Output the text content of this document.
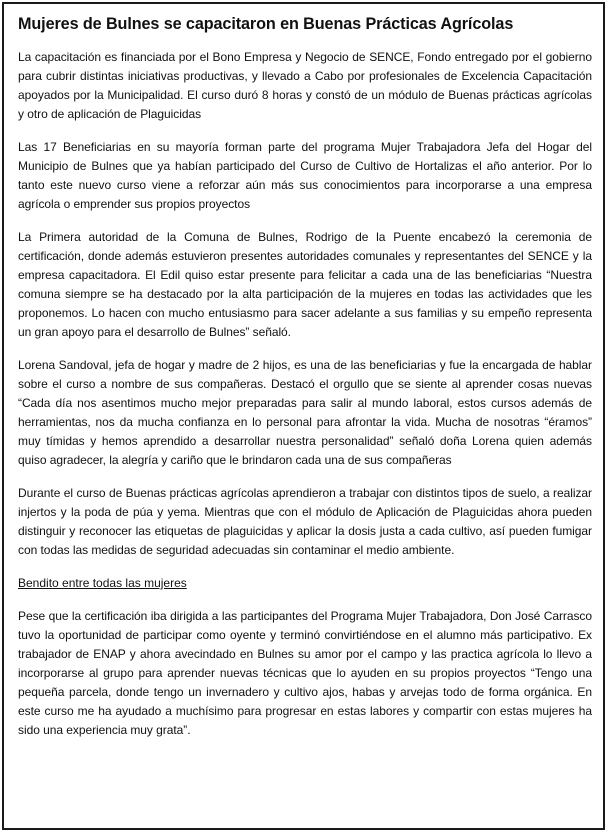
Mujeres de Bulnes se capacitaron en Buenas Prácticas Agrícolas

La capacitación es financiada por el Bono Empresa y Negocio de SENCE, Fondo entregado por el gobierno para cubrir distintas iniciativas productivas, y llevado a Cabo por profesionales de Excelencia Capacitación apoyados por la Municipalidad. El curso duró 8 horas y constó de un módulo de Buenas prácticas agrícolas y otro de aplicación de Plaguicidas

Las 17 Beneficiarias en su mayoría forman parte del programa Mujer Trabajadora Jefa del Hogar del Municipio de Bulnes que ya habían participado del Curso de Cultivo de Hortalizas el año anterior. Por lo tanto este nuevo curso viene a reforzar aún más sus conocimientos para incorporarse a una empresa agrícola o emprender sus propios proyectos

La Primera autoridad de la Comuna de Bulnes, Rodrigo de la Puente encabezó la ceremonia de certificación, donde además estuvieron presentes autoridades comunales y representantes del SENCE y la empresa capacitadora. El Edil quiso estar presente para felicitar a cada una de las beneficiarias “Nuestra comuna siempre se ha destacado por la alta participación de la mujeres en todas las actividades que les proponemos. Lo hacen con mucho entusiasmo para sacer adelante a sus familias y su empeño representa un gran apoyo para el desarrollo de Bulnes” señaló.

Lorena Sandoval, jefa de hogar y madre de 2 hijos, es una de las beneficiarias y fue la encargada de hablar sobre el curso a nombre de sus compañeras. Destacó el orgullo que se siente al aprender cosas nuevas “Cada día nos asentimos mucho mejor preparadas para salir al mundo laboral, estos cursos además de herramientas, nos da mucha confianza en lo personal para afrontar la vida. Mucha de nosotras “éramos” muy tímidas y hemos aprendido a desarrollar nuestra personalidad” señaló doña Lorena quien además quiso agradecer, la alegría y cariño que le brindaron cada una de sus compañeras

Durante el curso de Buenas prácticas agrícolas aprendieron a trabajar con distintos tipos de suelo, a realizar injertos y la poda de púa y yema. Mientras que con el módulo de Aplicación de Plaguicidas ahora pueden distinguir y reconocer las etiquetas de plaguicidas y aplicar la dosis justa a cada cultivo, así pueden fumigar con todas las medidas de seguridad adecuadas sin contaminar el medio ambiente.

Bendito entre todas las mujeres

Pese que la certificación iba dirigida a las participantes del Programa Mujer Trabajadora, Don José Carrasco tuvo la oportunidad de participar como oyente y terminó convirtiéndose en el alumno más participativo. Ex trabajador de ENAP y ahora avecindado en Bulnes su amor por el campo y las practica agrícola lo llevo a incorporarse al grupo para aprender nuevas técnicas que lo ayuden en su propios proyectos “Tengo una pequeña parcela, donde tengo un invernadero y cultivo ajos, habas y arvejas todo de forma orgánica. En este curso me ha ayudado a muchísimo para progresar en estas labores y compartir con estas mujeres ha sido una experiencia muy grata”.
